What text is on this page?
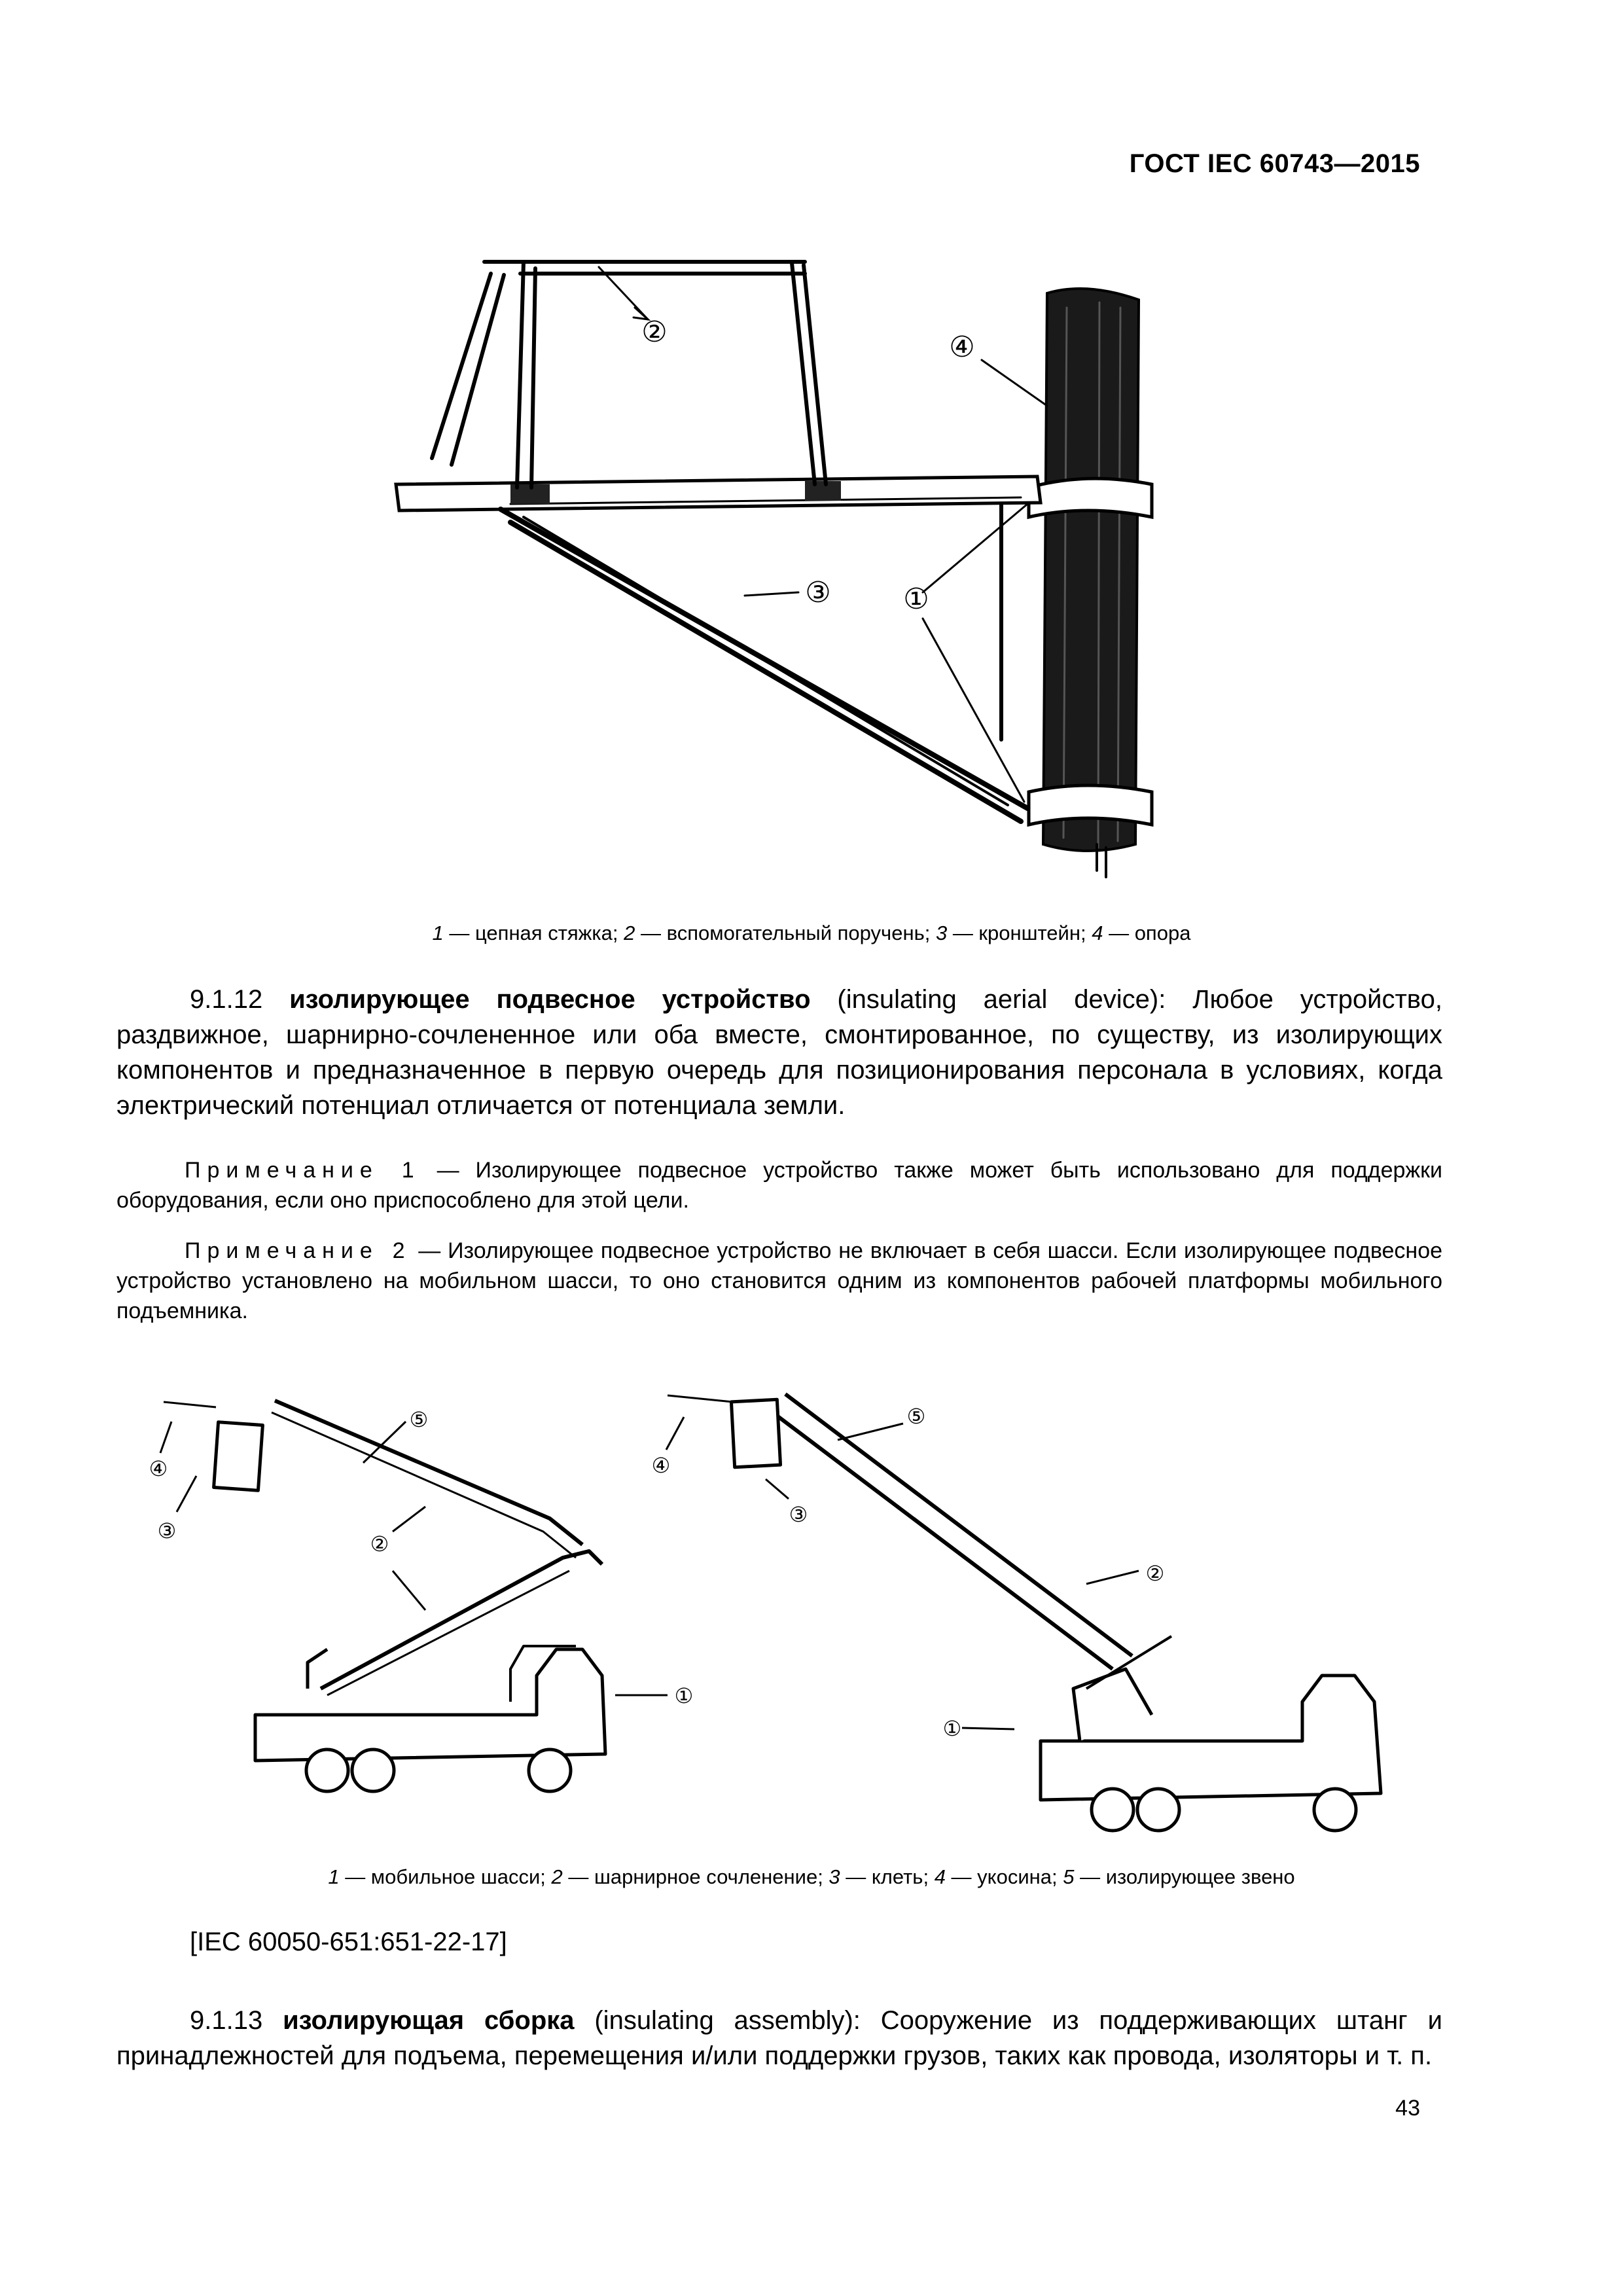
ГОСТ IEC 60743—2015
②	④
③	①
1 — цепная стяжка; 2 — вспомогательный поручень; 3 — кронштейн; 4 — опора
9.1.12 изолирующее подвесное устройство (insulating aerial device): Любое устройство, раздвижное, шарнирно-сочлененное или оба вместе, смонтированное, по существу, из изолирующих компонентов и предназначенное в первую очередь для позиционирования персонала в условиях, когда электрический потенциал отличается от потенциала земли.
Примечание 1 — Изолирующее подвесное устройство также может быть использовано для поддержки оборудования, если оно приспособлено для этой цели.
Примечание 2 — Изолирующее подвесное устройство не включает в себя шасси. Если изолирующее подвесное устройство установлено на мобильном шасси, то оно становится одним из компонентов рабочей платформы мобильного подъемника.
④
③
⑤
②
①
④
③
⑤
②
①
1 — мобильное шасси; 2 — шарнирное сочленение; 3 — клеть; 4 — укосина; 5 — изолирующее звено
[IEC 60050-651:651-22-17]
9.1.13 изолирующая сборка (insulating assembly): Сооружение из поддерживающих штанг и принадлежностей для подъема, перемещения и/или поддержки грузов, таких как провода, изоляторы и т. п.
43
